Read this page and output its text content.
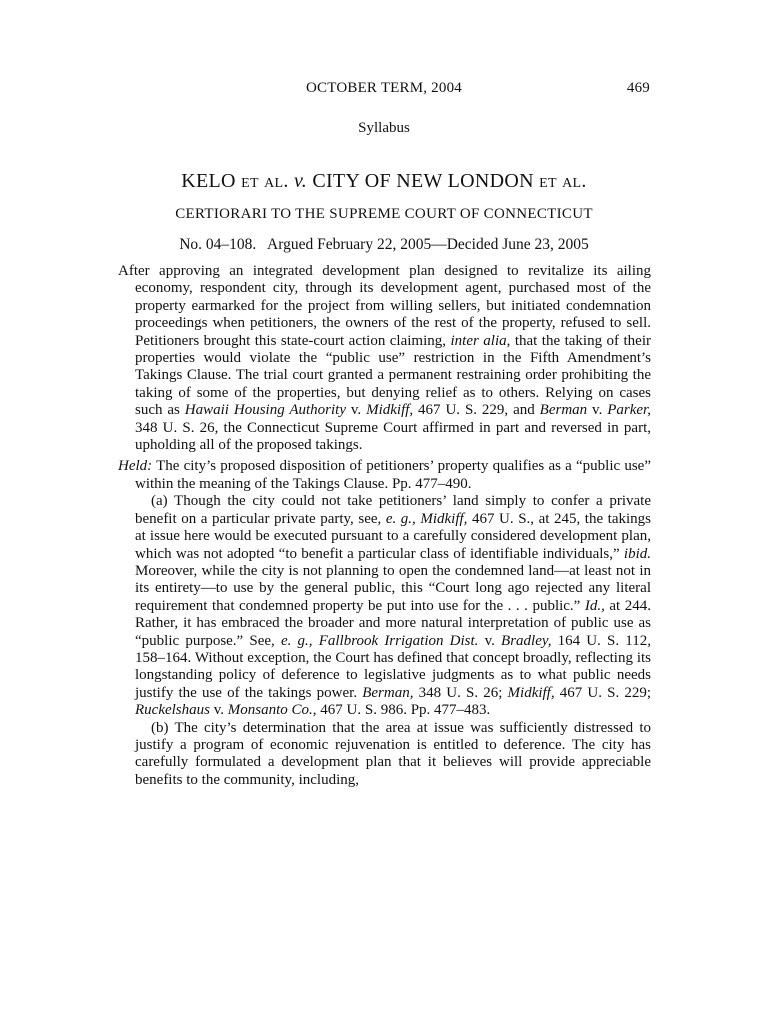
OCTOBER TERM, 2004	469
Syllabus
KELO et al. v. CITY OF NEW LONDON et al.
CERTIORARI TO THE SUPREME COURT OF CONNECTICUT
No. 04–108.   Argued February 22, 2005—Decided June 23, 2005

After approving an integrated development plan designed to revitalize its ailing economy, respondent city, through its development agent, purchased most of the property earmarked for the project from willing sellers, but initiated condemnation proceedings when petitioners, the owners of the rest of the property, refused to sell. Petitioners brought this state-court action claiming, inter alia, that the taking of their properties would violate the “public use” restriction in the Fifth Amendment’s Takings Clause. The trial court granted a permanent restraining order prohibiting the taking of some of the properties, but denying relief as to others. Relying on cases such as Hawaii Housing Authority v. Midkiff, 467 U. S. 229, and Berman v. Parker, 348 U. S. 26, the Connecticut Supreme Court affirmed in part and reversed in part, upholding all of the proposed takings.

Held: The city’s proposed disposition of petitioners’ property qualifies as a “public use” within the meaning of the Takings Clause. Pp. 477–490.

(a) Though the city could not take petitioners’ land simply to confer a private benefit on a particular private party, see, e. g., Midkiff, 467 U. S., at 245, the takings at issue here would be executed pursuant to a carefully considered development plan, which was not adopted “to benefit a particular class of identifiable individuals,” ibid. Moreover, while the city is not planning to open the condemned land—at least not in its entirety—to use by the general public, this “Court long ago rejected any literal requirement that condemned property be put into use for the . . . public.” Id., at 244. Rather, it has embraced the broader and more natural interpretation of public use as “public purpose.” See, e. g., Fallbrook Irrigation Dist. v. Bradley, 164 U. S. 112, 158–164. Without exception, the Court has defined that concept broadly, reflecting its longstanding policy of deference to legislative judgments as to what public needs justify the use of the takings power. Berman, 348 U. S. 26; Midkiff, 467 U. S. 229; Ruckelshaus v. Monsanto Co., 467 U. S. 986. Pp. 477–483.

(b) The city’s determination that the area at issue was sufficiently distressed to justify a program of economic rejuvenation is entitled to deference. The city has carefully formulated a development plan that it believes will provide appreciable benefits to the community, including,
